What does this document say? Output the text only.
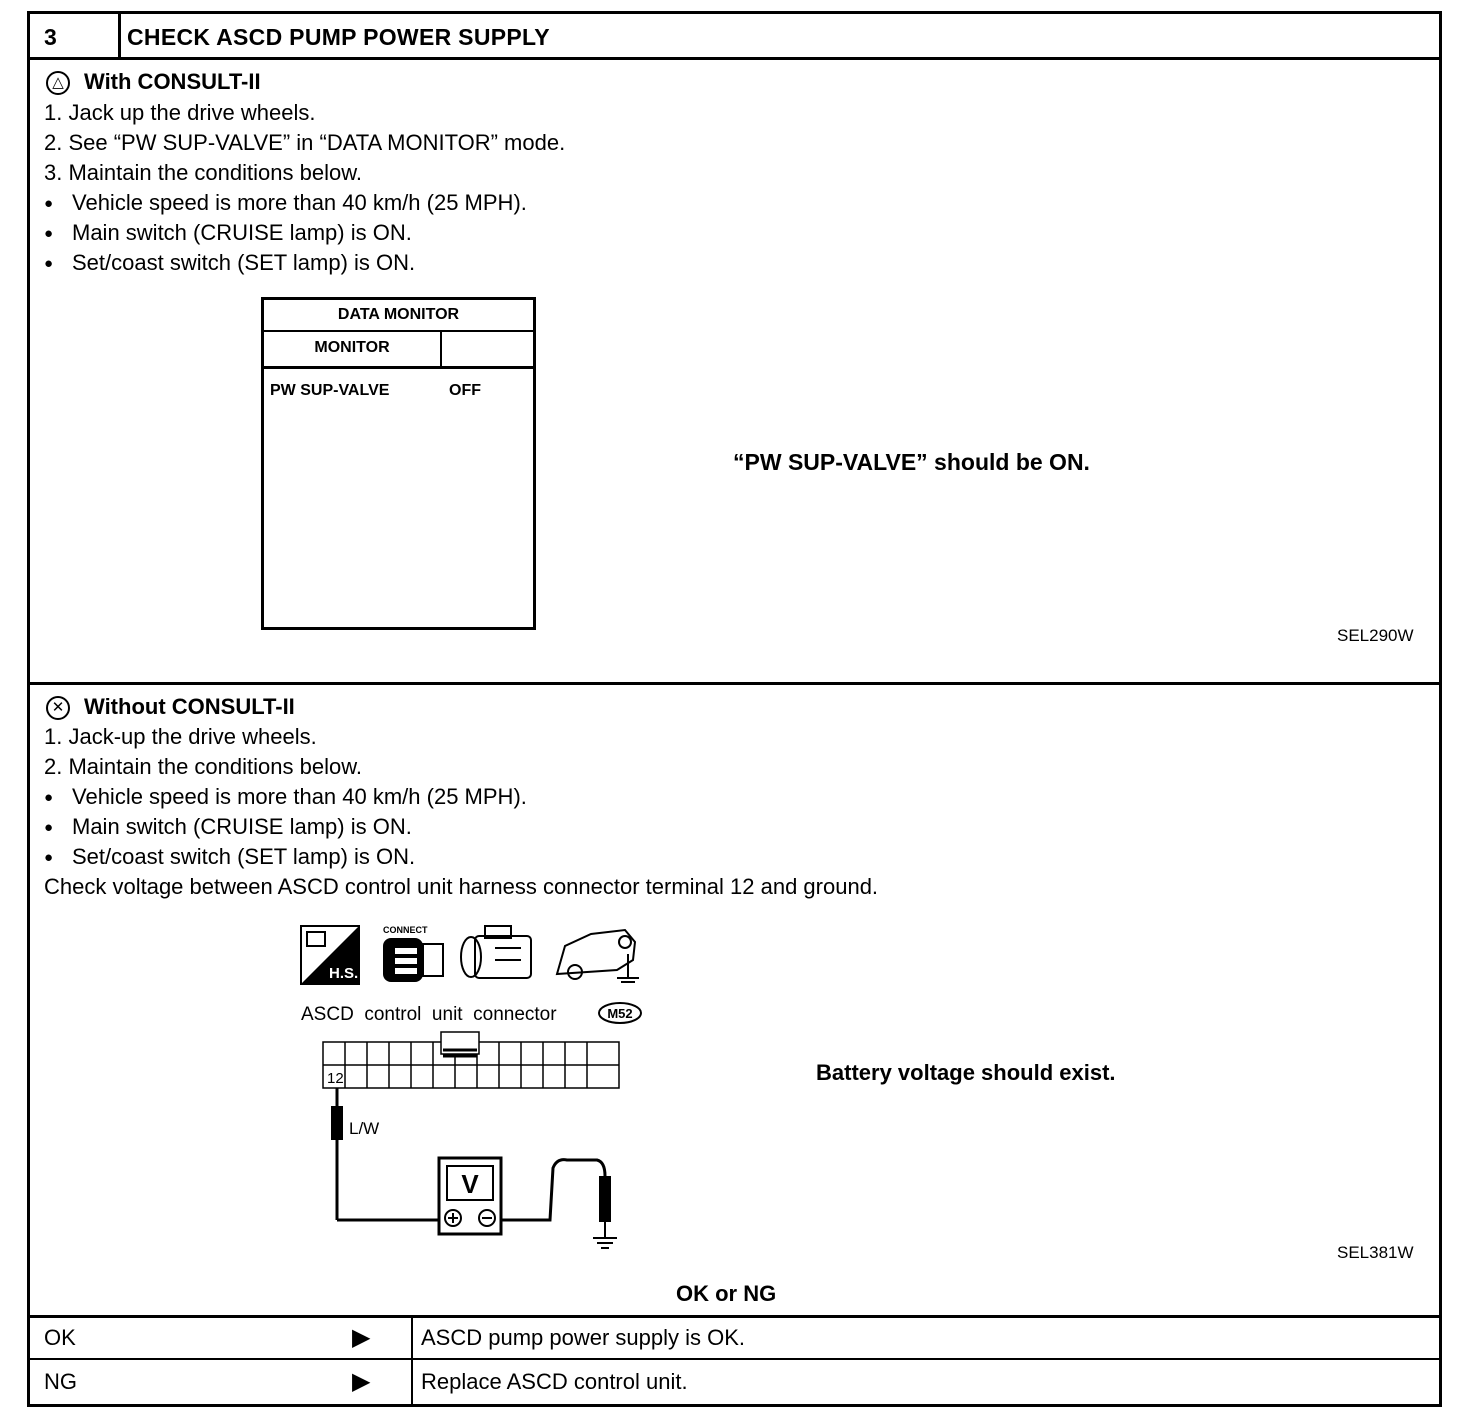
3	CHECK ASCD PUMP POWER SUPPLY
△ With CONSULT-II
1. Jack up the drive wheels.
2. See “PW SUP-VALVE” in “DATA MONITOR” mode.
3. Maintain the conditions below.
● Vehicle speed is more than 40 km/h (25 MPH).
● Main switch (CRUISE lamp) is ON.
● Set/coast switch (SET lamp) is ON.
DATA MONITOR
MONITOR
PW SUP-VALVE	OFF
“PW SUP-VALVE” should be ON.
SEL290W
✕ Without CONSULT-II
1. Jack-up the drive wheels.
2. Maintain the conditions below.
● Vehicle speed is more than 40 km/h (25 MPH).
● Main switch (CRUISE lamp) is ON.
● Set/coast switch (SET lamp) is ON.
Check voltage between ASCD control unit harness connector terminal 12 and ground.
H.S.
CONNECT
ASCD  control  unit  connector	M52
12
L/W
V
Battery voltage should exist.
SEL381W
OK or NG
OK	▶ ASCD pump power supply is OK.
NG	▶ Replace ASCD control unit.
